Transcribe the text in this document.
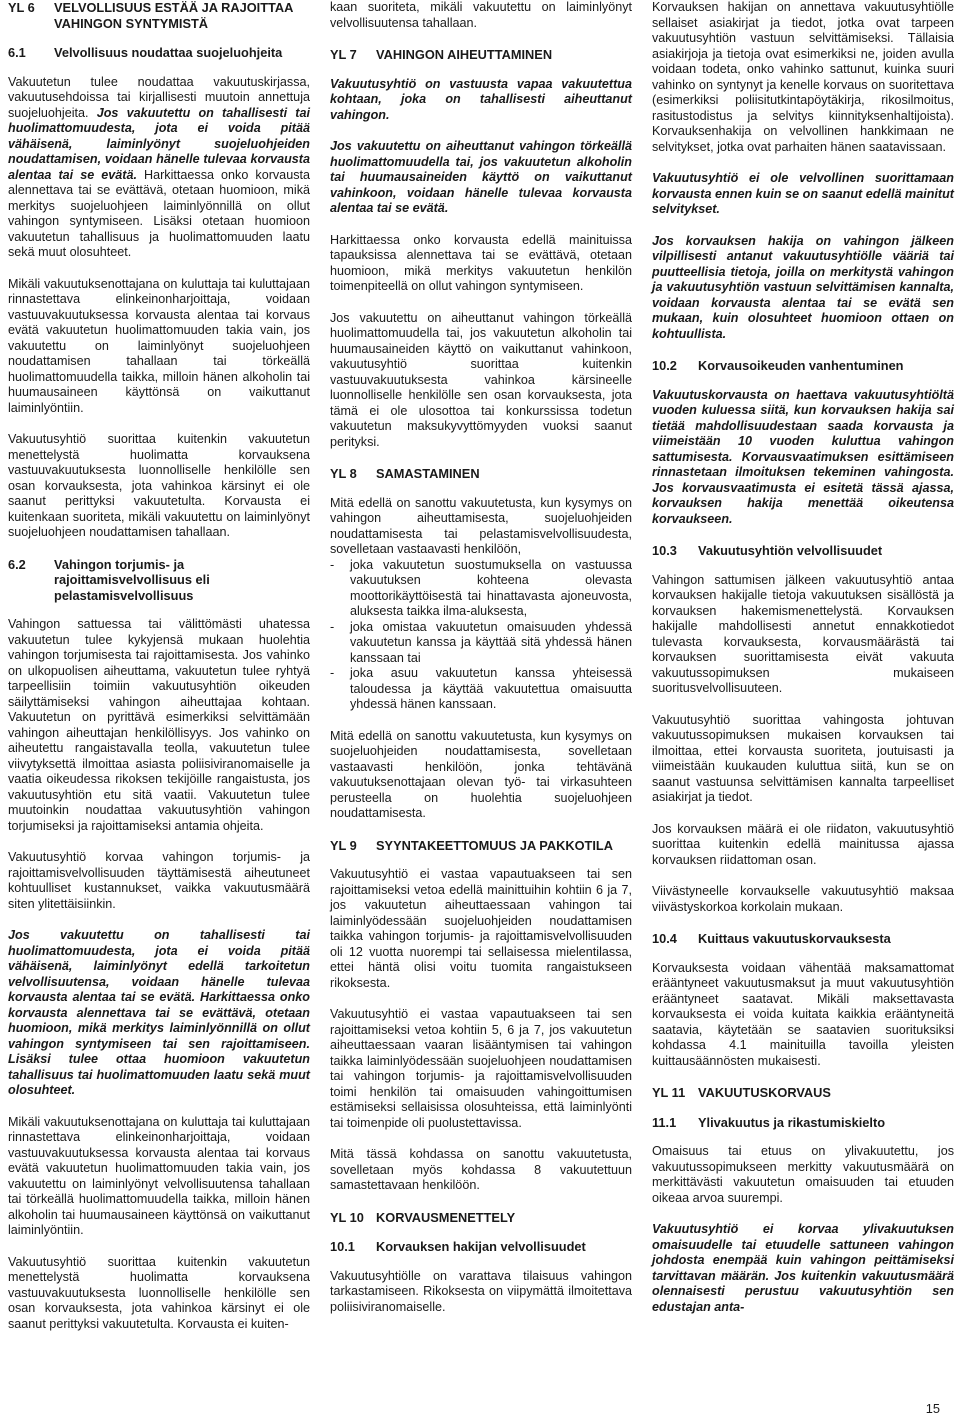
YL 6	VELVOLLISUUS ESTÄÄ JA RAJOITTAA VAHINGON SYNTYMISTÄ
6.1	Velvollisuus noudattaa suojeluohjeita

Vakuutetun tulee noudattaa vakuutuskirjassa, vakuutusehdoissa tai kirjallisesti muutoin annettuja suojeluohjeita. Jos vakuutettu on tahallisesti tai huolimattomuudesta, jota ei voida pitää vähäisenä, laiminlyönyt suojeluohjeiden noudattamisen, voidaan hänelle tulevaa korvausta alentaa tai se evätä. Harkittaessa onko korvausta alennettava tai se evättävä, otetaan huomioon, mikä merkitys suojeluohjeen laiminlyönnillä on ollut vahingon syntymiseen. Lisäksi otetaan huomioon vakuutetun tahallisuus ja huolimattomuuden laatu sekä muut olosuhteet.

Mikäli vakuutuksenottajana on kuluttaja tai kuluttajaan rinnastettava elinkeinonharjoittaja, voidaan vastuuvakuutuksessa korvausta alentaa tai korvaus evätä vakuutetun huolimattomuuden takia vain, jos vakuutettu on laiminlyönyt suojeluohjeen noudattamisen tahallaan tai törkeällä huolimattomuudella taikka, milloin hänen alkoholin tai huumausaineen käyttönsä on vaikuttanut laiminlyöntiin.

Vakuutusyhtiö suorittaa kuitenkin vakuutetun menettelystä huolimatta korvauksena vastuuvakuutuksesta luonnolliselle henkilölle sen osan korvauksesta, jota vahinkoa kärsinyt ei ole saanut perittyksi vakuutetulta. Korvausta ei kuitenkaan suoriteta, mikäli vakuutettu on laiminlyönyt suojeluohjeen noudattamisen tahallaan.

6.2	Vahingon torjumis- ja rajoittamisvelvollisuus eli pelastamisvelvollisuus

Vahingon sattuessa tai välittömästi uhatessa vakuutetun tulee kykyjensä mukaan huolehtia vahingon torjumisesta tai rajoittamisesta. Jos vahinko on ulkopuolisen aiheuttama, vakuutetun tulee ryhtyä tarpeellisiin toimiin vakuutusyhtiön oikeuden säilyttämiseksi vahingon aiheuttajaa kohtaan. Vakuutetun on pyrittävä esimerkiksi selvittämään vahingon aiheuttajan henkilöllisyys. Jos vahinko on aiheutettu rangaistavalla teolla, vakuutetun tulee viivytyksettä ilmoittaa asiasta poliisiviranomaiselle ja vaatia oikeudessa rikoksen tekijöille rangaistusta, jos vakuutusyhtiön etu sitä vaatii. Vakuutetun tulee muutoinkin noudattaa vakuutusyhtiön vahingon torjumiseksi ja rajoittamiseksi antamia ohjeita.

Vakuutusyhtiö korvaa vahingon torjumis- ja rajoittamisvelvollisuuden täyttämisestä aiheutuneet kohtuulliset kustannukset, vaikka vakuutusmäärä siten ylitettäisiinkin.

Jos vakuutettu on tahallisesti tai huolimattomuudesta, jota ei voida pitää vähäisenä, laiminlyönyt edellä tarkoitetun velvollisuutensa, voidaan hänelle tulevaa korvausta alentaa tai se evätä. Harkittaessa onko korvausta alennettava tai se evättävä, otetaan huomioon, mikä merkitys laiminlyönnillä on ollut vahingon syntymiseen tai sen rajoittamiseen. Lisäksi tulee ottaa huomioon vakuutetun tahallisuus tai huolimattomuuden laatu sekä muut olosuhteet.

Mikäli vakuutuksenottajana on kuluttaja tai kuluttajaan rinnastettava elinkeinonharjoittaja, voidaan vastuuvakuutuksessa korvausta alentaa tai korvaus evätä vakuutetun huolimattomuuden takia vain, jos vakuutettu on laiminlyönyt velvollisuutensa tahallaan tai törkeällä huolimattomuudella taikka, milloin hänen alkoholin tai huumausaineen käyttönsä on vaikuttanut laiminlyöntiin.

Vakuutusyhtiö suorittaa kuitenkin vakuutetun menettelystä huolimatta korvauksena vastuuvakuutuksesta luonnolliselle henkilölle sen osan korvauksesta, jota vahinkoa kärsinyt ei ole saanut perittyksi vakuutetulta. Korvausta ei kuiten-

kaan suoriteta, mikäli vakuutettu on laiminlyönyt velvollisuutensa tahallaan.

YL 7	VAHINGON AIHEUTTAMINEN

Vakuutusyhtiö on vastuusta vapaa vakuutettua kohtaan, joka on tahallisesti aiheuttanut vahingon.

Jos vakuutettu on aiheuttanut vahingon törkeällä huolimattomuudella tai, jos vakuutetun alkoholin tai huumausaineiden käyttö on vaikuttanut vahinkoon, voidaan hänelle tulevaa korvausta alentaa tai se evätä.

Harkittaessa onko korvausta edellä mainituissa tapauksissa alennettava tai se evättävä, otetaan huomioon, mikä merkitys vakuutetun henkilön toimenpiteellä on ollut vahingon syntymiseen.

Jos vakuutettu on aiheuttanut vahingon törkeällä huolimattomuudella tai, jos vakuutetun alkoholin tai huumausaineiden käyttö on vaikuttanut vahinkoon, vakuutusyhtiö suorittaa kuitenkin vastuuvakuutuksesta vahinkoa kärsineelle luonnolliselle henkilölle sen osan korvauksesta, jota tämä ei ole ulosottoa tai konkurssissa todetun vakuutetun maksukyvyttömyyden vuoksi saanut perityksi.

YL 8	SAMASTAMINEN

Mitä edellä on sanottu vakuutetusta, kun kysymys on vahingon aiheuttamisesta, suojeluohjeiden noudattamisesta tai pelastamisvelvollisuudesta, sovelletaan vastaavasti henkilöön,

- joka vakuutetun suostumuksella on vastuussa vakuutuksen kohteena olevasta moottorikäyttöisestä tai hinattavasta ajoneuvosta, aluksesta taikka ilma-aluksesta,
- joka omistaa vakuutetun omaisuuden yhdessä vakuutetun kanssa ja käyttää sitä yhdessä hänen kanssaan tai
- joka asuu vakuutetun kanssa yhteisessä taloudessa ja käyttää vakuutettua omaisuutta yhdessä hänen kanssaan.

Mitä edellä on sanottu vakuutetusta, kun kysymys on suojeluohjeiden noudattamisesta, sovelletaan vastaavasti henkilöön, jonka tehtävänä vakuutuksenottajaan olevan työ- tai virkasuhteen perusteella on huolehtia suojeluohjeen noudattamisesta.

YL 9	SYYNTAKEETTOMUUS JA PAKKOTILA

Vakuutusyhtiö ei vastaa vapautuakseen tai sen rajoittamiseksi vetoa edellä mainittuihin kohtiin 6 ja 7, jos vakuutetun aiheuttaessaan vahingon tai laiminlyödessään suojeluohjeiden noudattamisen taikka vahingon torjumis- ja rajoittamisvelvollisuuden oli 12 vuotta nuorempi tai sellaisessa mielentilassa, ettei häntä olisi voitu tuomita rangaistukseen rikoksesta.

Vakuutusyhtiö ei vastaa vapautuakseen tai sen rajoittamiseksi vetoa kohtiin 5, 6 ja 7, jos vakuutetun aiheuttaessaan vaaran lisääntymisen tai vahingon taikka laiminlyödessään suojeluohjeen noudattamisen tai vahingon torjumis- ja rajoittamisvelvollisuuden toimi henkilön tai omaisuuden vahingoittumisen estämiseksi sellaisissa olosuhteissa, että laiminlyönti tai toimenpide oli puolustettavissa.

Mitä tässä kohdassa on sanottu vakuutetusta, sovelletaan myös kohdassa 8 vakuutettuun samastettavaan henkilöön.

YL 10 KORVAUSMENETTELY
10.1	Korvauksen hakijan velvollisuudet

Vakuutusyhtiölle on varattava tilaisuus vahingon tarkastamiseen. Rikoksesta on viipymättä ilmoitettava poliisiviranomaiselle.

Korvauksen hakijan on annettava vakuutusyhtiölle sellaiset asiakirjat ja tiedot, jotka ovat tarpeen vakuutusyhtiön vastuun selvittämiseksi. Tällaisia asiakirjoja ja tietoja ovat esimerkiksi ne, joiden avulla voidaan todeta, onko vahinko sattunut, kuinka suuri vahinko on syntynyt ja kenelle korvaus on suoritettava (esimerkiksi poliisitutkintapöytäkirja, rikosilmoitus, rasitustodistus ja selvitys kiinnityksenhaltijoista). Korvauksenhakija on velvollinen hankkimaan ne selvitykset, jotka ovat parhaiten hänen saatavissaan.

Vakuutusyhtiö ei ole velvollinen suorittamaan korvausta ennen kuin se on saanut edellä mainitut selvitykset.

Jos korvauksen hakija on vahingon jälkeen vilpillisesti antanut vakuutusyhtiölle vääriä tai puutteellisia tietoja, joilla on merkitystä vahingon ja vakuutusyhtiön vastuun selvittämisen kannalta, voidaan korvausta alentaa tai se evätä sen mukaan, kuin olosuhteet huomioon ottaen on kohtuullista.

10.2	Korvausoikeuden vanhentuminen

Vakuutuskorvausta on haettava vakuutusyhtiöltä vuoden kuluessa siitä, kun korvauksen hakija sai tietää mahdollisuudestaan saada korvausta ja viimeistään 10 vuoden kuluttua vahingon sattumisesta. Korvausvaatimuksen esittämiseen rinnastetaan ilmoituksen tekeminen vahingosta. Jos korvausvaatimusta ei esitetä tässä ajassa, korvauksen hakija menettää oikeutensa korvaukseen.

10.3	Vakuutusyhtiön velvollisuudet

Vahingon sattumisen jälkeen vakuutusyhtiö antaa korvauksen hakijalle tietoja vakuutuksen sisällöstä ja korvauksen hakemismenettelystä. Korvauksen hakijalle mahdollisesti annetut ennakkotiedot tulevasta korvauksesta, korvausmäärästä tai korvauksen suorittamisesta eivät vakuuta vakuutussopimuksen mukaiseen suoritusvelvollisuuteen.

Vakuutusyhtiö suorittaa vahingosta johtuvan vakuutussopimuksen mukaisen korvauksen tai ilmoittaa, ettei korvausta suoriteta, joutuisasti ja viimeistään kuukauden kuluttua siitä, kun se on saanut vastuunsa selvittämisen kannalta tarpeelliset asiakirjat ja tiedot.

Jos korvauksen määrä ei ole riidaton, vakuutusyhtiö suorittaa kuitenkin edellä mainitussa ajassa korvauksen riidattoman osan.

Viivästyneelle korvaukselle vakuutusyhtiö maksaa viivästyskorkoa korkolain mukaan.

10.4	Kuittaus vakuutuskorvauksesta

Korvauksesta voidaan vähentää maksamattomat erääntyneet vakuutusmaksut ja muut vakuutusyhtiön erääntyneet saatavat. Mikäli maksettavasta korvauksesta ei voida kuitata kaikkia erääntyneitä saatavia, käytetään se saatavien suorituksiksi kohdassa 4.1 mainituilla tavoilla yleisten kuittausäännösten mukaisesti.

YL 11 VAKUUTUSKORVAUS
11.1	Ylivakuutus ja rikastumiskielto

Omaisuus tai etuus on ylivakuutettu, jos vakuutussopimukseen merkitty vakuutusmäärä on merkittävästi vakuutetun omaisuuden tai etuuden oikeaa arvoa suurempi.

Vakuutusyhtiö ei korvaa ylivakuutuksen omaisuudelle tai etuudelle sattuneen vahingon johdosta enempää kuin vahingon peittämiseksi tarvittavan määrän. Jos kuitenkin vakuutusmäärä olennaisesti perustuu vakuutusyhtiön sen edustajan anta-

15
